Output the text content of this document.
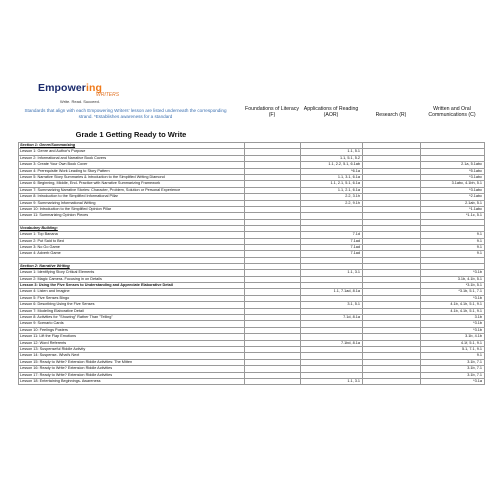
Empowering
WRITERS
Write. Read. Succeed.
Standards that align with each Empowering Writers' lesson are listed underneath the corresponding strand. *Establishes awareness for a standard
Foundations of Literacy (F)
Applications of Reading (AOR)	Research (R)
Written and Oral Communications (C)
Grade 1 Getting Ready to Write
Section 1: Genre/Summarizing				
Lesson 1: Genre and Author's Purpose		1.1, 5.1		
Lesson 2: Informational and Narrative Book Covers		1.1, 5.1, 5.2		
Lesson 3: Create Your Own Book Cover		1.1, 2.2, 5.1, 6.1ab		2.1a, 5.1abc
Lesson 4: Prerequisite Work Leading to Story Pattern		*6.1a		*5.1abc
Lesson 5: Narrative Story Summaries & Introduction to the Simplified Writing Diamond		1.1, 3.1, 6.1a		*3.1abc
Lesson 6: Beginning, Middle, End- Practice with Narrative Summarizing Framework		1.1, 2.1, 5.1, 6.1a		3.1abc, 4.1bh, 5.1
Lesson 7: Summarizing Narrative Stories: Character, Problem, Solution or Personal Experience		1.1, 2.1, 6.1a		*3.1abc
Lesson 8: Introduction to the Simplified Informational Pillar		2.2, 3.1h		*2.1abc
Lesson 9: Summarizing Informational Writing		2.2, 9.1h		2.1ab, 5.1
Lesson 10: Introduction to the Simplified Opinion Pillar				*1.1abc
Lesson 11: Summarizing Opinion Pieces				*1.1c, 5.1

Vocabulary Building:				
Lesson 1: Top Banana		7.1d		9.1
Lesson 2: Put Said to Bed		7.1ad		9.1
Lesson 3: No Go Game		7.1ad		9.1
Lesson 4: Adverb Game		7.1ad		9.1

Section 2: Narrative Writing				
Lesson 1: Identifying Story Critical Elements		1.1, 3.1		*3.1b
Lesson 2: Magic Camera- Focusing in on Details				3.1b, 4.1b, 5.1
Lesson 3: Using the Five Senses to Understanding and Appreciate Elaborative Detail				*3.1b, 5.1
Lesson 4: Listen and Imagine		1.1, 7.1ad, 8.1a		*3.1b, 5.1, 7.1
Lesson 5: Five Senses Bingo				*3.1b
Lesson 6: Describing Using the Five Senses		3.1, 5.1		4.1b, 4.1h, 5.1, 9.1
Lesson 7: Modeling Elaborative Detail				4.1b, 4.1h, 5.1, 9.1
Lesson 8: Activities for "Showing" Rather Than "Telling"		7.1d, 8.1a		3.1b
Lesson 9: Scenario Cards				*3.1b
Lesson 10: Feelings Posters				*3.1b
Lesson 11: Lift the Flap Emotions				3.1b, 4.1b
Lesson 12: Word Referents		7.1bd, 8.1a		4.1f, 5.1, 9.1
Lesson 13: Suspenseful Riddle Activity				5.1, 7.1, 9.1
Lesson 14: Suspense- What's Next				9.1
Lesson 15: Ready to Write? Extension Riddle Activities: The Mitten				3.1b, 7.1
Lesson 16: Ready to Write? Extension Riddle Activities				3.1b, 7.1
Lesson 17: Ready to Write? Extension Riddle Activities				3.1b, 7.1
Lesson 18: Entertaining Beginnings- Awareness		1.1, 3.1		*3.1a
